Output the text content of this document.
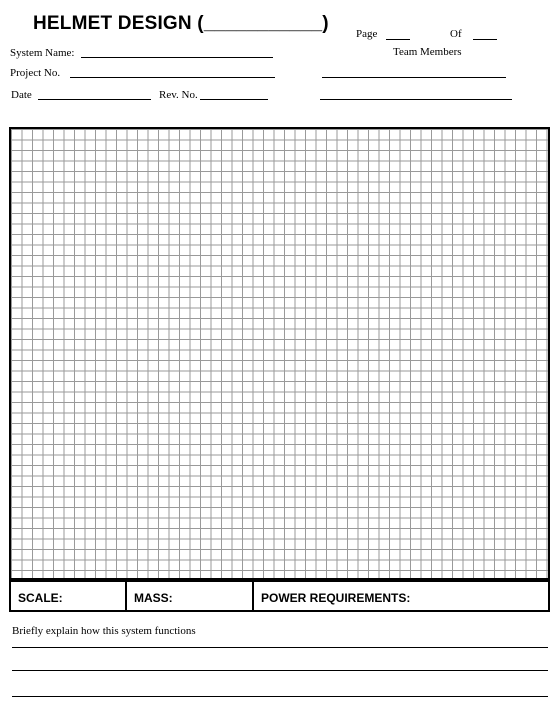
HELMET DESIGN (___________) Page	Of
Team Members
System Name:
Project No.
Date	Rev. No.
SCALE:	MASS:	POWER REQUIREMENTS:
Briefly explain how this system functions
